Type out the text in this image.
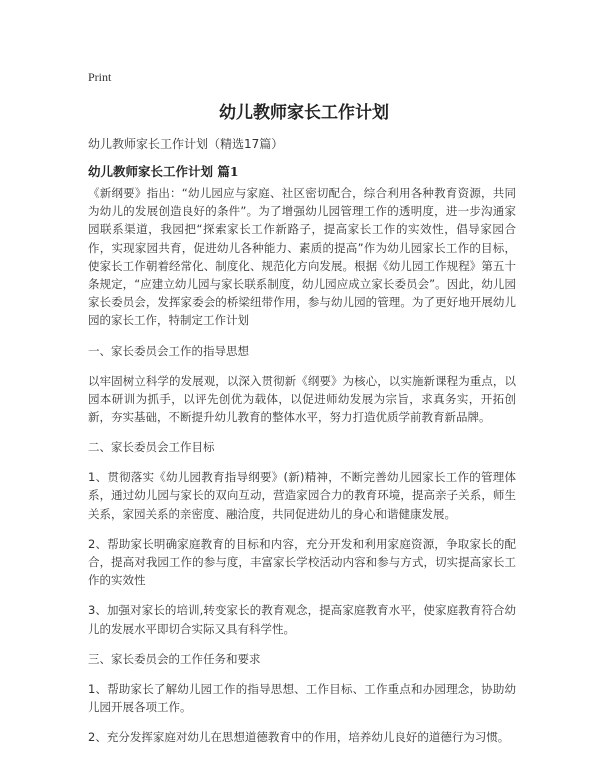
Print
幼儿教师家长工作计划
幼儿教师家长工作计划（精选17篇）
幼儿教师家长工作计划 篇1

《新纲要》指出：“幼儿园应与家庭、社区密切配合，综合利用各种教育资源，共同为幼儿的发展创造良好的条件”。为了增强幼儿园管理工作的透明度，进一步沟通家园联系渠道，我园把“探索家长工作新路子，提高家长工作的实效性，倡导家园合作，实现家园共育，促进幼儿各种能力、素质的提高”作为幼儿园家长工作的目标，使家长工作朝着经常化、制度化、规范化方向发展。根据《幼儿园工作规程》第五十条规定，“应建立幼儿园与家长联系制度，幼儿园应成立家长委员会”。因此，幼儿园家长委员会，发挥家委会的桥梁纽带作用，参与幼儿园的管理。为了更好地开展幼儿园的家长工作，特制定工作计划

一、家长委员会工作的指导思想

以牢固树立科学的发展观，以深入贯彻新《纲要》为核心，以实施新课程为重点，以园本研训为抓手，以评先创优为载体，以促进师幼发展为宗旨，求真务实，开拓创新，夯实基础，不断提升幼儿教育的整体水平，努力打造优质学前教育新品牌。

二、家长委员会工作目标

1、贯彻落实《幼儿园教育指导纲要》(新)精神，不断完善幼儿园家长工作的管理体系，通过幼儿园与家长的双向互动，营造家园合力的教育环境，提高亲子关系，师生关系，家园关系的亲密度、融洽度，共同促进幼儿的身心和谐健康发展。

2、帮助家长明确家庭教育的目标和内容，充分开发和利用家庭资源，争取家长的配合，提高对我园工作的参与度，丰富家长学校活动内容和参与方式，切实提高家长工作的实效性

3、加强对家长的培训,转变家长的教育观念，提高家庭教育水平，使家庭教育符合幼儿的发展水平即切合实际又具有科学性。

三、家长委员会的工作任务和要求

1、帮助家长了解幼儿园工作的指导思想、工作目标、工作重点和办园理念，协助幼儿园开展各项工作。

2、充分发挥家庭对幼儿在思想道德教育中的作用，培养幼儿良好的道德行为习惯。
